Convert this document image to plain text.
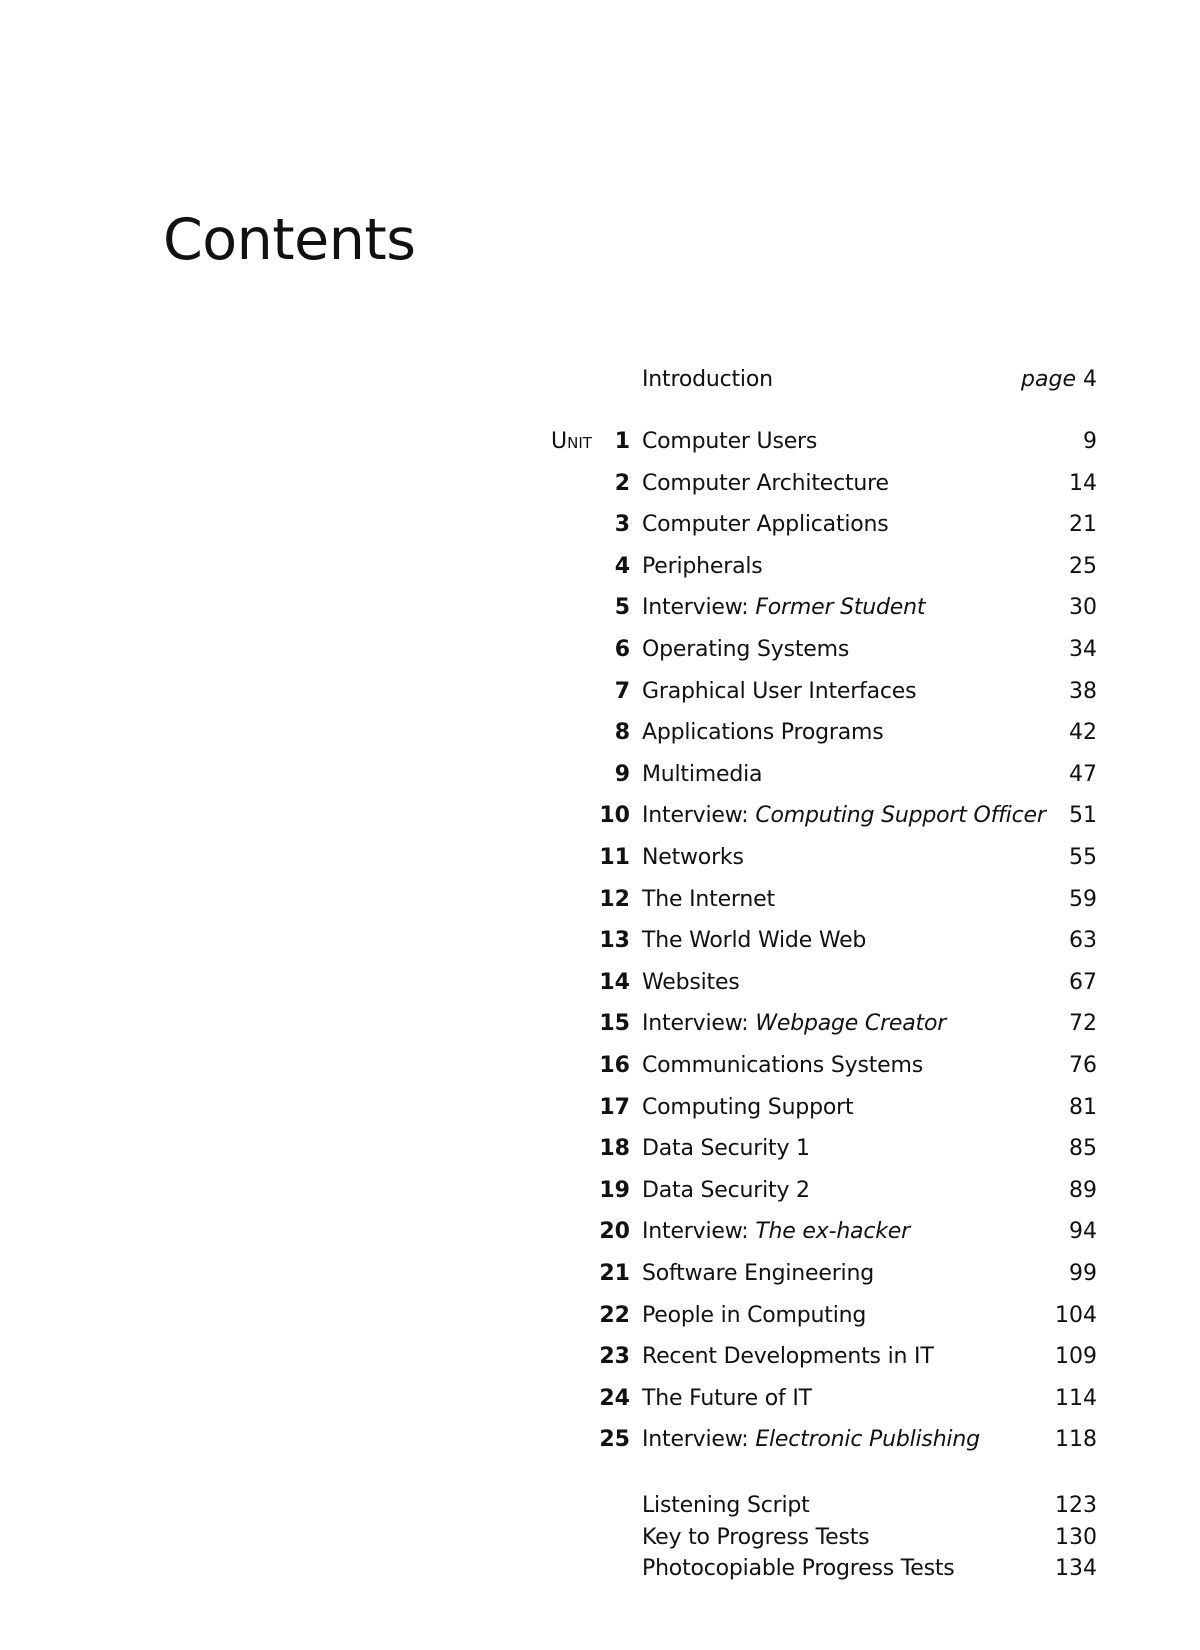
Contents
Introduction	page 4
Unit 1 Computer Users	9
2 Computer Architecture	14
3 Computer Applications	21
4 Peripherals	25
5 Interview: Former Student	30
6 Operating Systems	34
7 Graphical User Interfaces	38
8 Applications Programs	42
9 Multimedia	47
10 Interview: Computing Support Officer 51
11 Networks	55
12 The Internet	59
13 The World Wide Web	63
14 Websites	67
15 Interview: Webpage Creator	72
16 Communications Systems	76
17 Computing Support	81
18 Data Security 1	85
19 Data Security 2	89
20 Interview: The ex-hacker	94
21 Software Engineering	99
22 People in Computing	104
23 Recent Developments in IT	109
24 The Future of IT	114
25 Interview: Electronic Publishing	118
Listening Script	123
Key to Progress Tests	130
Photocopiable Progress Tests	134
